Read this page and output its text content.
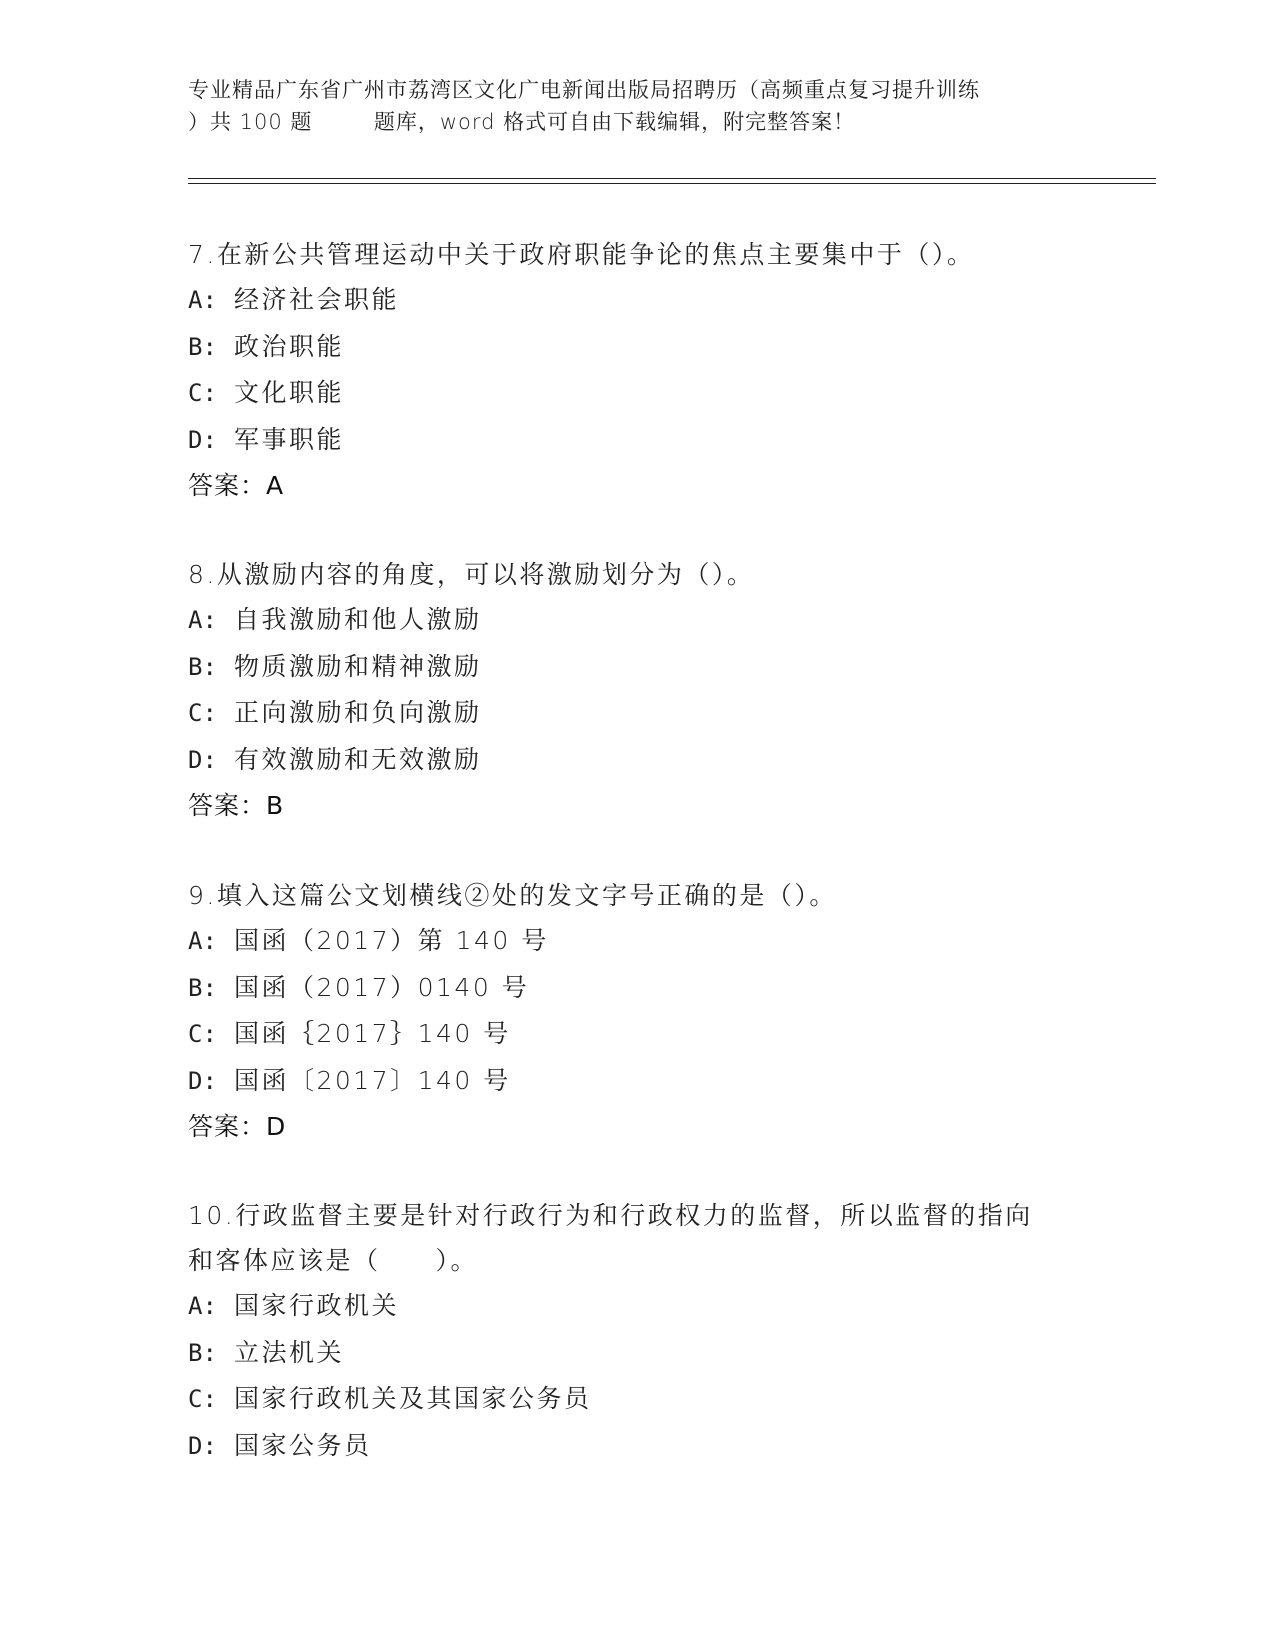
专业精品广东省广州市荔湾区文化广电新闻出版局招聘历（高频重点复习提升训练
）共 100 题        题库，word 格式可自由下载编辑，附完整答案！

7.在新公共管理运动中关于政府职能争论的焦点主要集中于（）。

A: 经济社会职能
B: 政治职能
C: 文化职能
D: 军事职能
答案：A

8.从激励内容的角度，可以将激励划分为（）。

A: 自我激励和他人激励
B: 物质激励和精神激励
C: 正向激励和负向激励
D: 有效激励和无效激励
答案：B

9.填入这篇公文划横线②处的发文字号正确的是（）。

A: 国函（2017）第 140 号
B: 国函（2017）0140 号
C: 国函｛2017｝140 号
D: 国函〔2017〕140 号
答案：D

10.行政监督主要是针对行政行为和行政权力的监督，所以监督的指向

和客体应该是（　　）。

A: 国家行政机关
B: 立法机关
C: 国家行政机关及其国家公务员
D: 国家公务员
